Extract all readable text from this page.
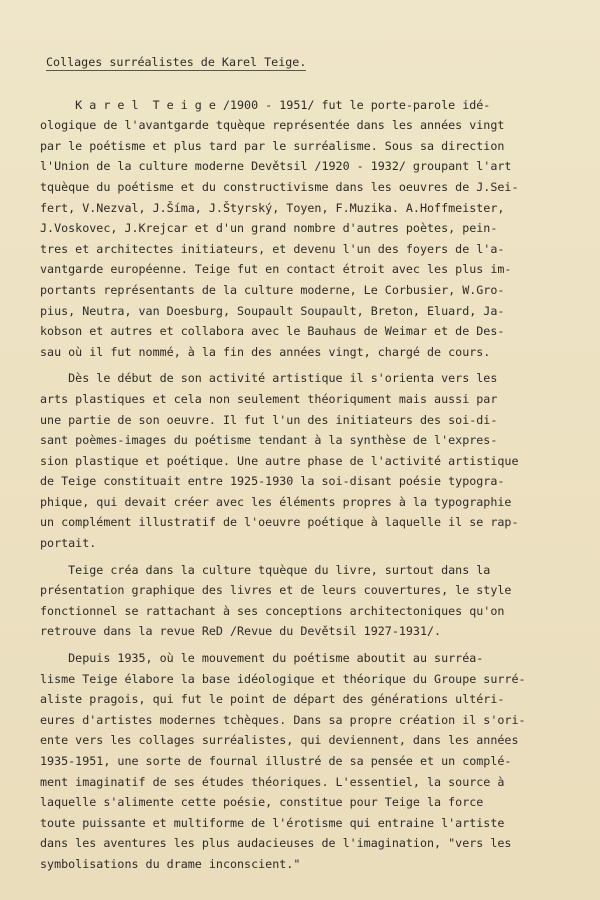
Collages surréalistes de Karel Teige.
K a r e l  T e i g e /1900 - 1951/ fut le porte-parole idé-
ologique de l'avantgarde tquèque représentée dans les années vingt
par le poétisme et plus tard par le surréalisme. Sous sa direction
l'Union de la culture moderne Devětsil /1920 - 1932/ groupant l'art
tquèque du poétisme et du constructivisme dans les oeuvres de J.Sei-
fert, V.Nezval, J.Šíma, J.Štyrský, Toyen, F.Muzika. A.Hoffmeister,
J.Voskovec, J.Krejcar et d'un grand nombre d'autres poètes, pein-
tres et architectes initiateurs, et devenu l'un des foyers de l'a-
vantgarde européenne. Teige fut en contact étroit avec les plus im-
portants représentants de la culture moderne, Le Corbusier, W.Gro-
pius, Neutra, van Doesburg, Soupault Soupault, Breton, Eluard, Ja-
kobson et autres et collabora avec le Bauhaus de Weimar et de Des-
sau où il fut nommé, à la fin des années vingt, chargé de cours.
Dès le début de son activité artistique il s'orienta vers les
arts plastiques et cela non seulement théoriqument mais aussi par
une partie de son oeuvre. Il fut l'un des initiateurs des soi-di-
sant poèmes-images du poétisme tendant à la synthèse de l'expres-
sion plastique et poétique. Une autre phase de l'activité artistique
de Teige constituait entre 1925-1930 la soi-disant poésie typogra-
phique, qui devait créer avec les éléments propres à la typographie
un complément illustratif de l'oeuvre poétique à laquelle il se rap-
portait.
Teige créa dans la culture tquèque du livre, surtout dans la
présentation graphique des livres et de leurs couvertures, le style
fonctionnel se rattachant à ses conceptions architectoniques qu'on
retrouve dans la revue ReD /Revue du Devětsil 1927-1931/.
Depuis 1935, où le mouvement du poétisme aboutit au surréa-
lisme Teige élabore la base idéologique et théorique du Groupe surré-
aliste pragois, qui fut le point de départ des générations ultéri-
eures d'artistes modernes tchèques. Dans sa propre création il s'ori-
ente vers les collages surréalistes, qui deviennent, dans les années
1935-1951, une sorte de fournal illustré de sa pensée et un complé-
ment imaginatif de ses études théoriques. L'essentiel, la source à
laquelle s'alimente cette poésie, constitue pour Teige la force
toute puissante et multiforme de l'érotisme qui entraine l'artiste
dans les aventures les plus audacieuses de l'imagination, "vers les
symbolisations du drame inconscient."
